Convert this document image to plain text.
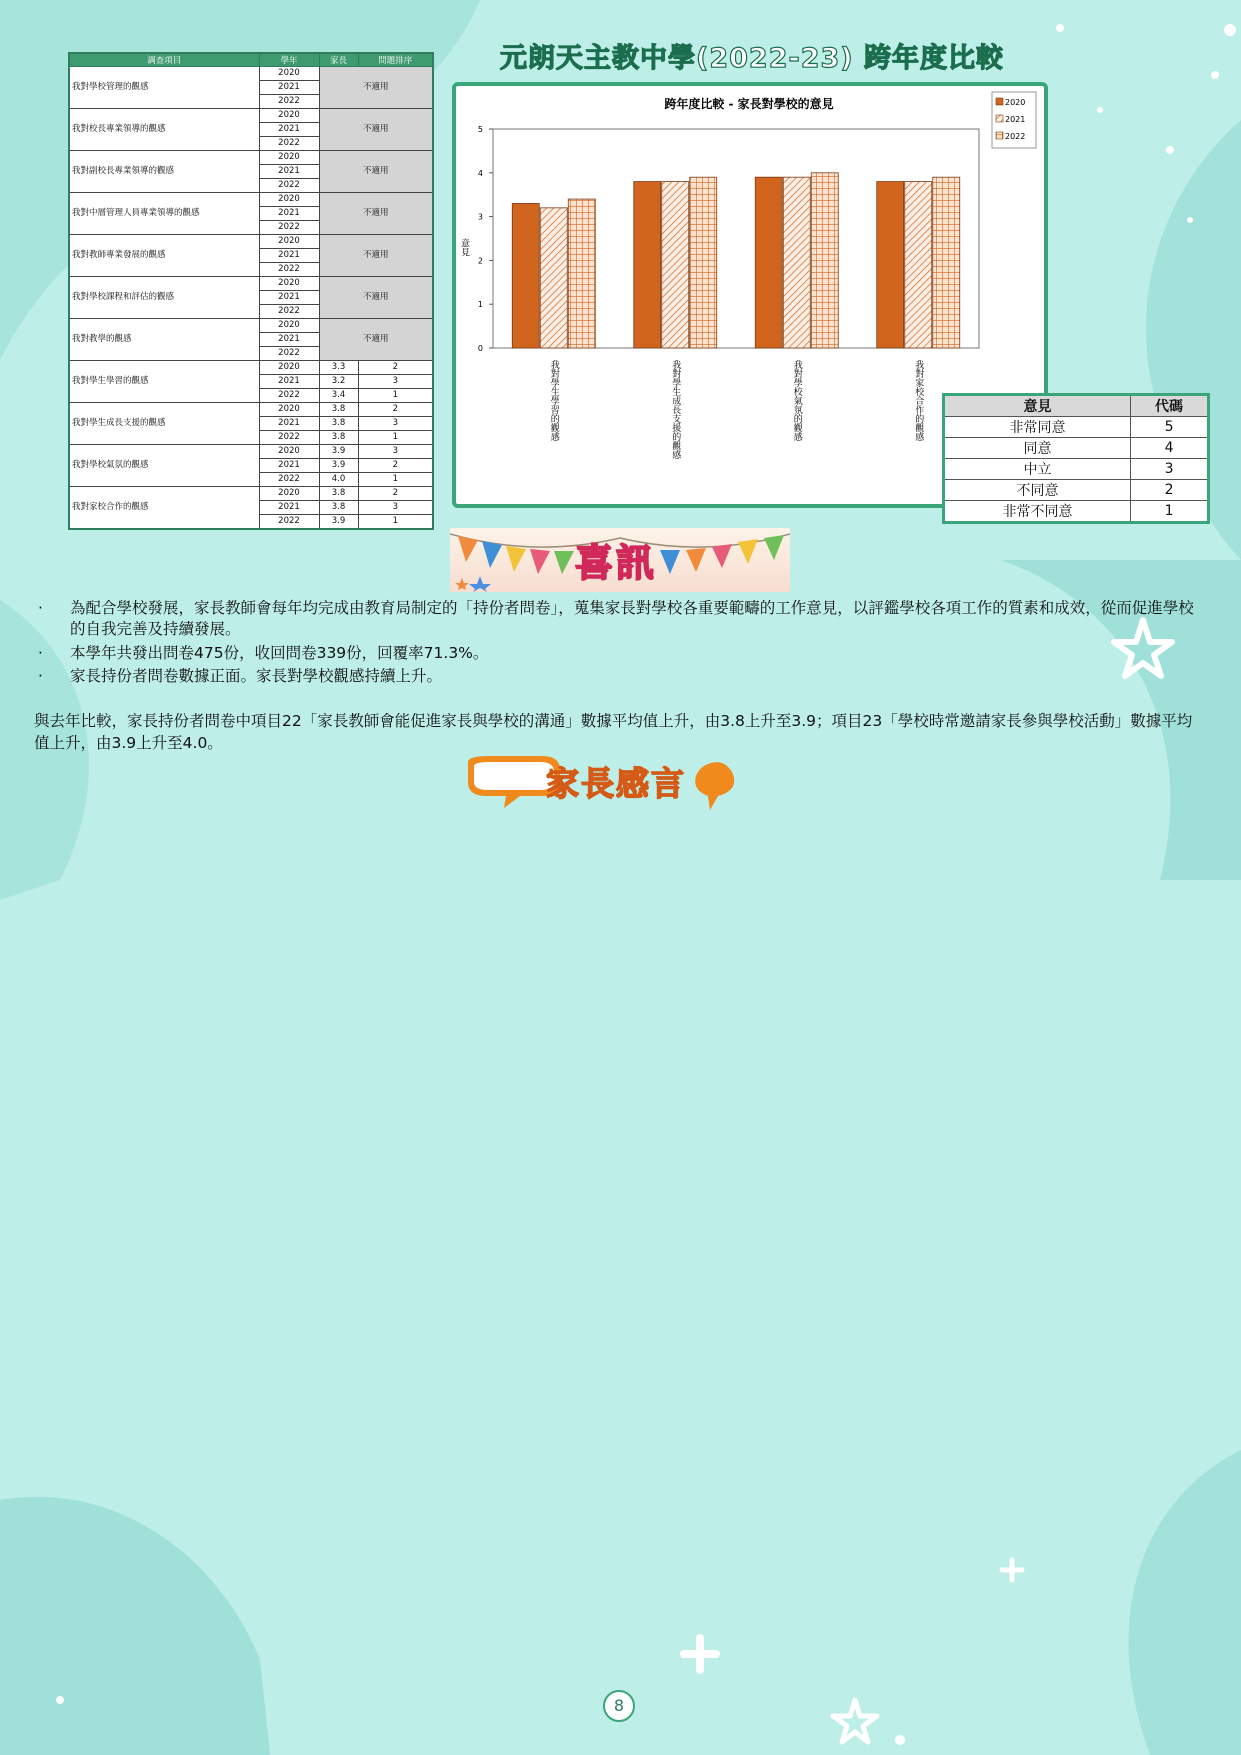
調查項目	學年	家長	問題排序
我對學校管理的觀感	2020	不適用	
	2021		
	2022		
我對校長專業領導的觀感	2020	不適用	
	2021		
	2022		
我對副校長專業領導的觀感	2020	不適用	
	2021		
	2022		
我對中層管理人員專業領導的觀感	2020	不適用	
	2021		
	2022		
我對教師專業發展的觀感	2020	不適用	
	2021		
	2022		
我對學校課程和評估的觀感	2020	不適用	
	2021		
	2022		
我對教學的觀感	2020	不適用	
	2021		
	2022		
我對學生學習的觀感	2020	3.3	2
	2021	3.2	3
	2022	3.4	1
我對學生成長支援的觀感	2020	3.8	2
	2021	3.8	3
	2022	3.8	1
我對學校氣氛的觀感	2020	3.9	3
	2021	3.9	2
	2022	4.0	1
我對家校合作的觀感	2020	3.8	2
	2021	3.8	3
	2022	3.9	1
元朗天主教中學(2022-23) 跨年度比較
跨年度比較 - 家長對學校的意見
0
1
2
3
4
5
意見
我對學生學習的觀感	我對學生成長支援的觀感	我對學校氣氛的觀感	我對家校合作的觀感
2020
2021
2022
意見	代碼
非常同意	5
同意	4
中立	3
不同意	2
非常不同意	1
喜訊
· 為配合學校發展，家長教師會每年均完成由教育局制定的「持份者問卷」，蒐集家長對學校各重要範疇的工作意見，以評鑑學校各項工作的質素和成效，從而促進學校的自我完善及持續發展。
· 本學年共發出問卷475份，收回問卷339份，回覆率71.3%。
· 家長持份者問卷數據正面。家長對學校觀感持續上升。
與去年比較，家長持份者問卷中項目22「家長教師會能促進家長與學校的溝通」數據平均值上升，由3.8上升至3.9；項目23「學校時常邀請家長參與學校活動」數據平均值上升，由3.9上升至4.0。
家長感言
8
